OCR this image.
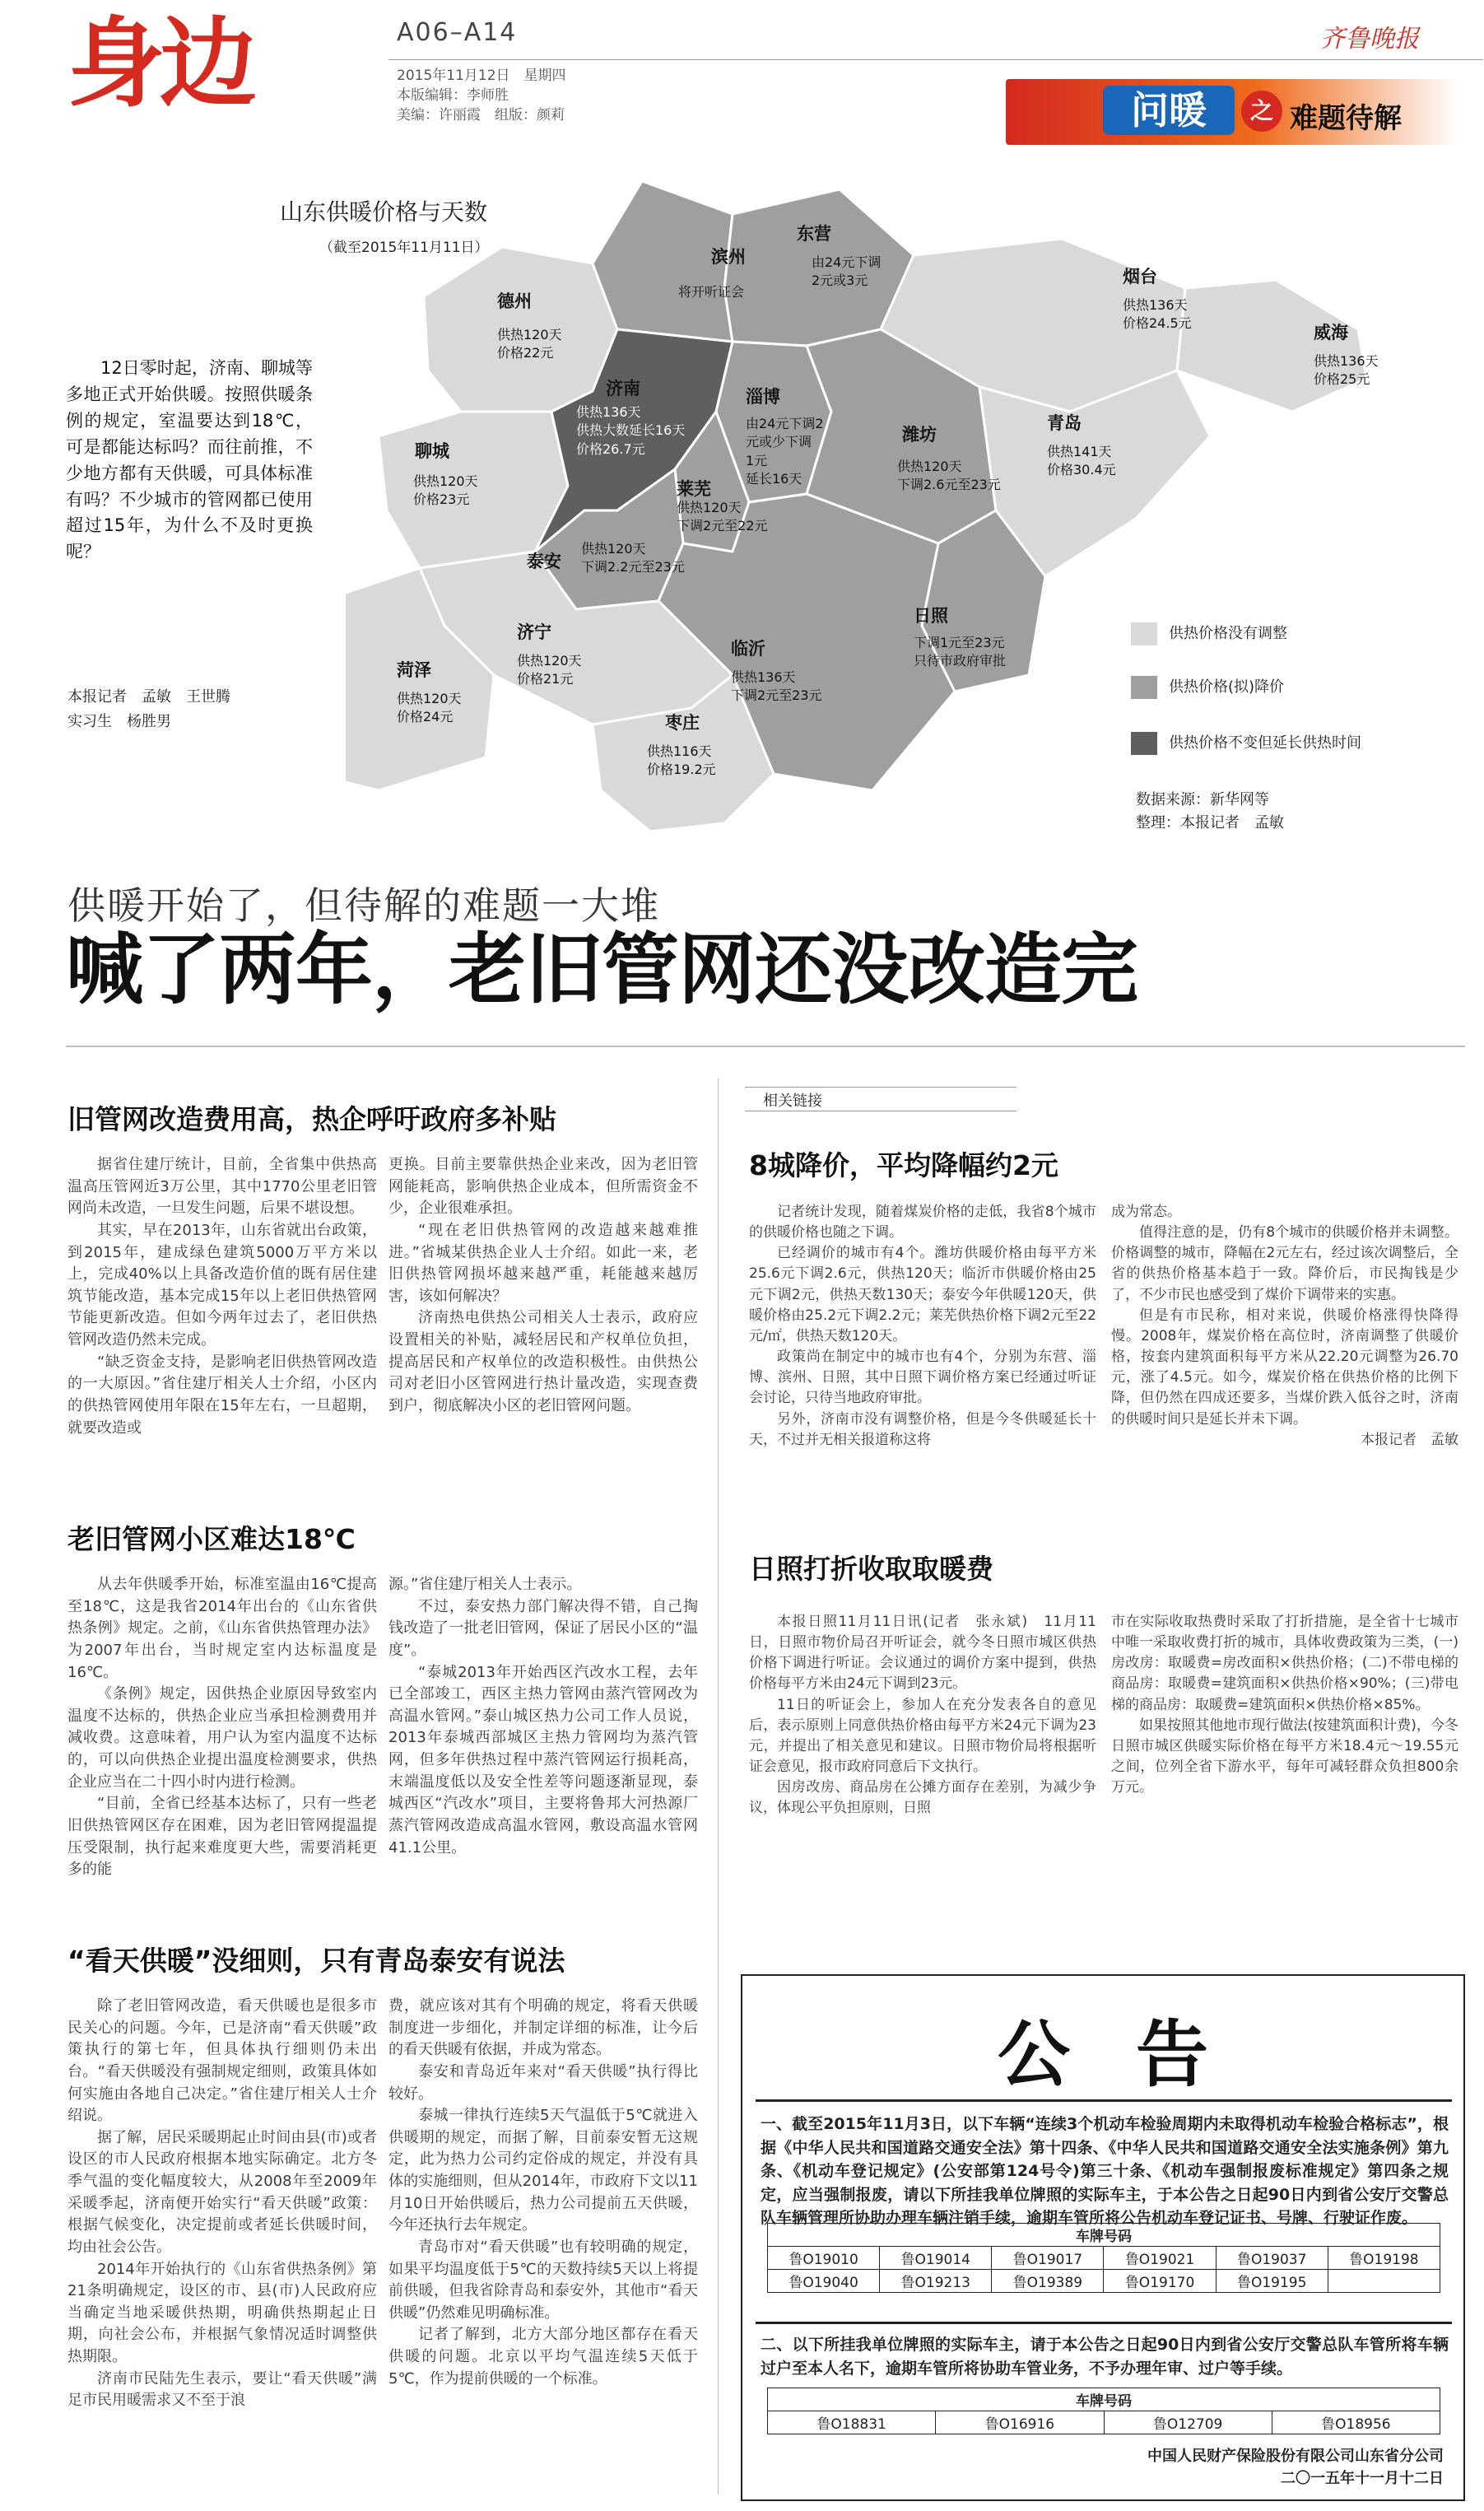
身边	A06–A14
2015年11月12日　星期四
本版编辑：李师胜
美编：许丽霞　组版：颜莉
齐鲁晚报
问暖	之 难题待解
山东供暖价格与天数
（截至2015年11月11日）
东营
由24元下调
2元或3元
滨州
将开听证会
德州
供热120天
价格22元
烟台
供热136天
价格24.5元	威海
供热136天
价格25元
济南
供热136天
供热大数延长16天
价格26.7元
淄博
由24元下调2
元或少下调
1元
延长16天
潍坊
供热120天
下调2.6元至23元
青岛
供热141天
价格30.4元
聊城
供热120天
价格23元
莱芜
供热120天
下调2元至22元
泰安
供热120天
下调2.2元至23元
济宁
供热120天
价格21元
日照
下调1元至23元
只待市政府审批
临沂
供热136天
下调2元至23元
菏泽
供热120天
价格24元	枣庄
供热116天
价格19.2元
12日零时起，济南、聊城等多地正式开始供暖。按照供暖条例的规定，室温要达到18℃，可是都能达标吗？而往前推，不少地方都有天供暖，可具体标准有吗？不少城市的管网都已使用超过15年，为什么不及时更换呢？
本报记者　孟敏　王世腾
实习生　杨胜男
供热价格没有调整
供热价格(拟)降价
供热价格不变但延长供热时间
数据来源：新华网等
整理：本报记者　孟敏
供暖开始了，但待解的难题一大堆
喊了两年，老旧管网还没改造完
旧管网改造费用高，热企呼吁政府多补贴

据省住建厅统计，目前，全省集中供热高温高压管网近3万公里，其中1770公里老旧管网尚未改造，一旦发生问题，后果不堪设想。

其实，早在2013年，山东省就出台政策，到2015年，建成绿色建筑5000万平方米以上，完成40%以上具备改造价值的既有居住建筑节能改造，基本完成15年以上老旧供热管网节能更新改造。但如今两年过去了，老旧供热管网改造仍然未完成。

“缺乏资金支持，是影响老旧供热管网改造的一大原因。”省住建厅相关人士介绍，小区内的供热管网使用年限在15年左右，一旦超期，就要改造或

更换。目前主要靠供热企业来改，因为老旧管网能耗高，影响供热企业成本，但所需资金不少，企业很难承担。

“现在老旧供热管网的改造越来越难推进。”省城某供热企业人士介绍。如此一来，老旧供热管网损坏越来越严重，耗能越来越厉害，该如何解决？

济南热电供热公司相关人士表示，政府应设置相关的补贴，减轻居民和产权单位负担，提高居民和产权单位的改造积极性。由供热公司对老旧小区管网进行热计量改造，实现查费到户，彻底解决小区的老旧管网问题。

老旧管网小区难达18℃

从去年供暖季开始，标准室温由16℃提高至18℃，这是我省2014年出台的《山东省供热条例》规定。之前，《山东省供热管理办法》为2007年出台，当时规定室内达标温度是16℃。

《条例》规定，因供热企业原因导致室内温度不达标的，供热企业应当承担检测费用并减收费。这意味着，用户认为室内温度不达标的，可以向供热企业提出温度检测要求，供热企业应当在二十四小时内进行检测。

“目前，全省已经基本达标了，只有一些老旧供热管网区存在困难，因为老旧管网提温提压受限制，执行起来难度更大些，需要消耗更多的能

源。”省住建厅相关人士表示。

不过，泰安热力部门解决得不错，自己掏钱改造了一批老旧管网，保证了居民小区的“温度”。

“泰城2013年开始西区汽改水工程，去年已全部竣工，西区主热力管网由蒸汽管网改为高温水管网。”泰山城区热力公司工作人员说，2013年泰城西部城区主热力管网均为蒸汽管网，但多年供热过程中蒸汽管网运行损耗高，末端温度低以及安全性差等问题逐渐显现，泰城西区“汽改水”项目，主要将鲁邦大河热源厂蒸汽管网改造成高温水管网，敷设高温水管网41.1公里。

“看天供暖”没细则，只有青岛泰安有说法

除了老旧管网改造，看天供暖也是很多市民关心的问题。今年，已是济南“看天供暖”政策执行的第七年，但具体执行细则仍未出台。“看天供暖没有强制规定细则，政策具体如何实施由各地自己决定。”省住建厅相关人士介绍说。

据了解，居民采暖期起止时间由县(市)或者设区的市人民政府根据本地实际确定。北方冬季气温的变化幅度较大，从2008年至2009年采暖季起，济南便开始实行“看天供暖”政策：根据气候变化，决定提前或者延长供暖时间，均由社会公告。

2014年开始执行的《山东省供热条例》第21条明确规定，设区的市、县(市)人民政府应当确定当地采暖供热期，明确供热期起止日期，向社会公布，并根据气象情况适时调整供热期限。

济南市民陆先生表示，要让“看天供暖”满足市民用暖需求又不至于浪

费，就应该对其有个明确的规定，将看天供暖制度进一步细化，并制定详细的标准，让今后的看天供暖有依据，并成为常态。

泰安和青岛近年来对“看天供暖”执行得比较好。

泰城一律执行连续5天气温低于5℃就进入供暖期的规定，而据了解，目前泰安暂无这规定，此为热力公司约定俗成的规定，并没有具体的实施细则，但从2014年，市政府下文以11月10日开始供暖后，热力公司提前五天供暖，今年还执行去年规定。

青岛市对“看天供暖”也有较明确的规定，如果平均温度低于5℃的天数持续5天以上将提前供暖，但我省除青岛和泰安外，其他市“看天供暖”仍然难见明确标准。

记者了解到，北方大部分地区都存在看天供暖的问题。北京以平均气温连续5天低于5℃，作为提前供暖的一个标准。

相关链接
8城降价，平均降幅约2元

记者统计发现，随着煤炭价格的走低，我省8个城市的供暖价格也随之下调。

已经调价的城市有4个。潍坊供暖价格由每平方米25.6元下调2.6元，供热120天；临沂市供暖价格由25元下调2元，供热天数130天；泰安今年供暖120天，供暖价格由25.2元下调2.2元；莱芜供热价格下调2元至22元/㎡，供热天数120天。

政策尚在制定中的城市也有4个，分别为东营、淄博、滨州、日照，其中日照下调价格方案已经通过听证会讨论，只待当地政府审批。

另外，济南市没有调整价格，但是今冬供暖延长十天，不过并无相关报道称这将

成为常态。

值得注意的是，仍有8个城市的供暖价格并未调整。价格调整的城市，降幅在2元左右，经过该次调整后，全省的供热价格基本趋于一致。降价后，市民掏钱是少了，不少市民也感受到了煤价下调带来的实惠。

但是有市民称，相对来说，供暖价格涨得快降得慢。2008年，煤炭价格在高位时，济南调整了供暖价格，按套内建筑面积每平方米从22.20元调整为26.70元，涨了4.5元。如今，煤炭价格在供热价格的比例下降，但仍然在四成还要多，当煤价跌入低谷之时，济南的供暖时间只是延长并未下调。

本报记者　孟敏

日照打折收取取暖费

本报日照11月11日讯(记者　张永斌)　11月11日，日照市物价局召开听证会，就今冬日照市城区供热价格下调进行听证。会议通过的调价方案中提到，供热价格每平方米由24元下调到23元。

11日的听证会上，参加人在充分发表各自的意见后，表示原则上同意供热价格由每平方米24元下调为23元，并提出了相关意见和建议。日照市物价局将根据听证会意见，报市政府同意后下文执行。

因房改房、商品房在公摊方面存在差别，为减少争议，体现公平负担原则，日照

市在实际收取热费时采取了打折措施，是全省十七城市中唯一采取收费打折的城市，具体收费政策为三类，(一)房改房：取暖费=房改面积×供热价格；(二)不带电梯的商品房：取暖费=建筑面积×供热价格×90%；(三)带电梯的商品房：取暖费=建筑面积×供热价格×85%。

如果按照其他地市现行做法(按建筑面积计费)，今冬日照市城区供暖实际价格在每平方米18.4元～19.55元之间，位列全省下游水平，每年可减轻群众负担800余万元。

公告
一、截至2015年11月3日，以下车辆“连续3个机动车检验周期内未取得机动车检验合格标志”，根据《中华人民共和国道路交通安全法》第十四条、《中华人民共和国道路交通安全法实施条例》第九条、《机动车登记规定》(公安部第124号令)第三十条、《机动车强制报废标准规定》第四条之规定，应当强制报废，请以下所挂我单位牌照的实际车主，于本公告之日起90日内到省公安厅交警总队车辆管理所协助办理车辆注销手续，逾期车管所将公告机动车登记证书、号牌、行驶证作废。
车牌号码					
鲁O19010	鲁O19014	鲁O19017	鲁O19021	鲁O19037	鲁O19198
鲁O19040	鲁O19213	鲁O19389	鲁O19170	鲁O19195	
二、以下所挂我单位牌照的实际车主，请于本公告之日起90日内到省公安厅交警总队车管所将车辆过户至本人名下，逾期车管所将协助车管业务，不予办理年审、过户等手续。
车牌号码
鲁O18831	鲁O16916	鲁O12709	鲁O18956
中国人民财产保险股份有限公司山东省分公司
二〇一五年十一月十二日
